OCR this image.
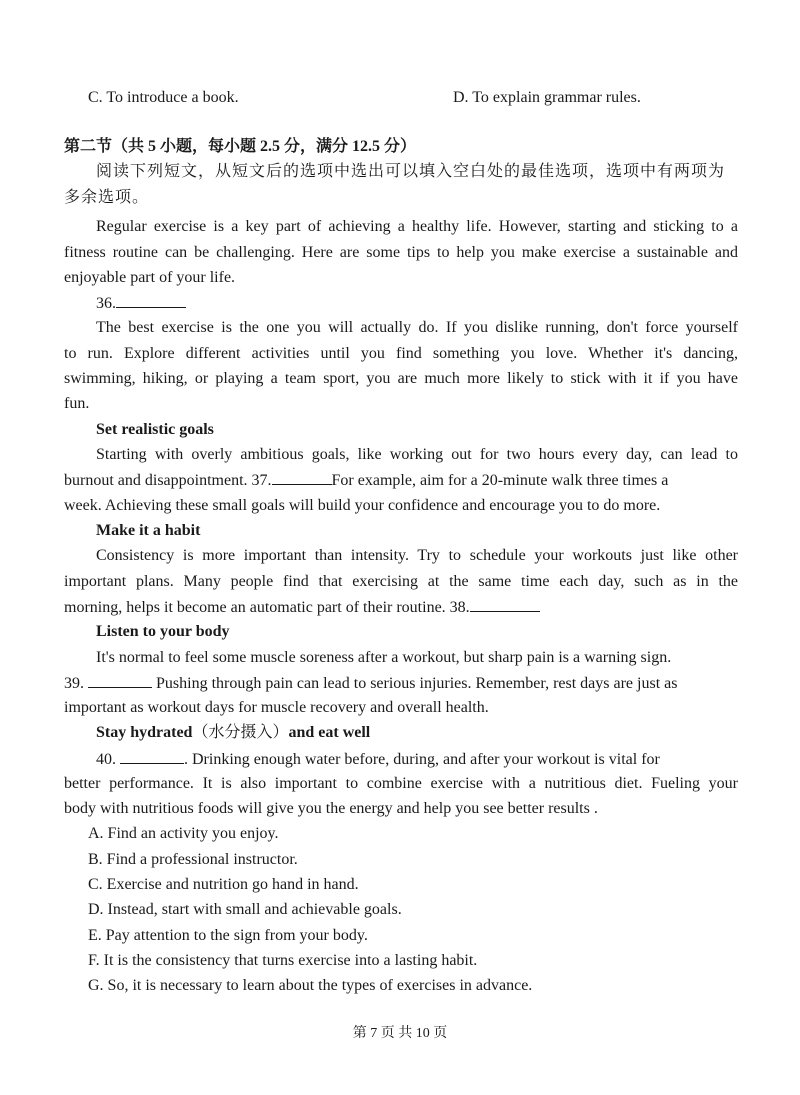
C. To introduce a book.	D. To explain grammar rules.
第二节（共 5 小题，每小题 2.5 分，满分 12.5 分）
阅读下列短文，从短文后的选项中选出可以填入空白处的最佳选项，选项中有两项为
多余选项。
Regular exercise is a key part of achieving a healthy life. However, starting and sticking to a
fitness routine can be challenging. Here are some tips to help you make exercise a sustainable and
enjoyable part of your life.
36.
The best exercise is the one you will actually do. If you dislike running, don't force yourself
to run. Explore different activities until you find something you love. Whether it's dancing,
swimming, hiking, or playing a team sport, you are much more likely to stick with it if you have
fun.
Set realistic goals
Starting with overly ambitious goals, like working out for two hours every day, can lead to
burnout and disappointment. 37.	For example, aim for a 20-minute walk three times a
week. Achieving these small goals will build your confidence and encourage you to do more.
Make it a habit
Consistency is more important than intensity. Try to schedule your workouts just like other
important plans. Many people find that exercising at the same time each day, such as in the
morning, helps it become an automatic part of their routine. 38.
Listen to your body
It's normal to feel some muscle soreness after a workout, but sharp pain is a warning sign.
39.	Pushing through pain can lead to serious injuries. Remember, rest days are just as
important as workout days for muscle recovery and overall health.
Stay hydrated（水分摄入）and eat well
40.	. Drinking enough water before, during, and after your workout is vital for
better performance. It is also important to combine exercise with a nutritious diet. Fueling your
body with nutritious foods will give you the energy and help you see better results .
A. Find an activity you enjoy.
B. Find a professional instructor.
C. Exercise and nutrition go hand in hand.
D. Instead, start with small and achievable goals.
E. Pay attention to the sign from your body.
F. It is the consistency that turns exercise into a lasting habit.
G. So, it is necessary to learn about the types of exercises in advance.
第 7 页 共 10 页
